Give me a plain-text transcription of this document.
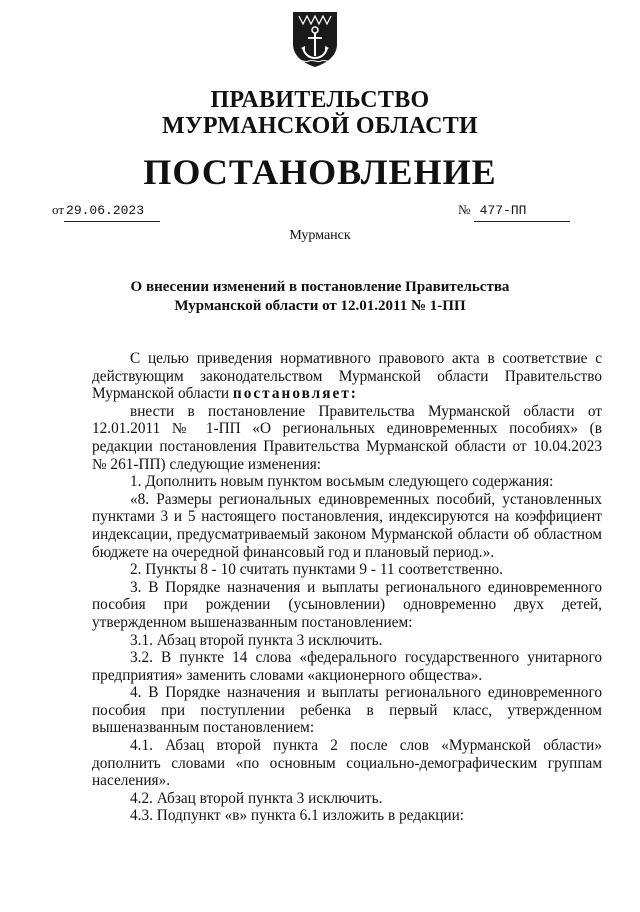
ПРАВИТЕЛЬСТВО
МУРМАНСКОЙ ОБЛАСТИ
ПОСТАНОВЛЕНИЕ
от 29.06.2023	№ 477-ПП
Мурманск
О внесении изменений в постановление Правительства
Мурманской области от 12.01.2011 № 1-ПП

С целью приведения нормативного правового акта в соответствие с действующим законодательством Мурманской области Правительство Мурманской области постановляет:

внести в постановление Правительства Мурманской области от 12.01.2011 № 1-ПП «О региональных единовременных пособиях» (в редакции постановления Правительства Мурманской области от 10.04.2023 № 261-ПП) следующие изменения:

1. Дополнить новым пунктом восьмым следующего содержания:

«8. Размеры региональных единовременных пособий, установленных пунктами 3 и 5 настоящего постановления, индексируются на коэффициент индексации, предусматриваемый законом Мурманской области об областном бюджете на очередной финансовый год и плановый период.».

2. Пункты 8 - 10 считать пунктами 9 - 11 соответственно.

3. В Порядке назначения и выплаты регионального единовременного пособия при рождении (усыновлении) одновременно двух детей, утвержденном вышеназванным постановлением:

3.1. Абзац второй пункта 3 исключить.

3.2. В пункте 14 слова «федерального государственного унитарного предприятия» заменить словами «акционерного общества».

4. В Порядке назначения и выплаты регионального единовременного пособия при поступлении ребенка в первый класс, утвержденном вышеназванным постановлением:

4.1. Абзац второй пункта 2 после слов «Мурманской области» дополнить словами «по основным социально-демографическим группам населения».

4.2. Абзац второй пункта 3 исключить.

4.3. Подпункт «в» пункта 6.1 изложить в редакции:
